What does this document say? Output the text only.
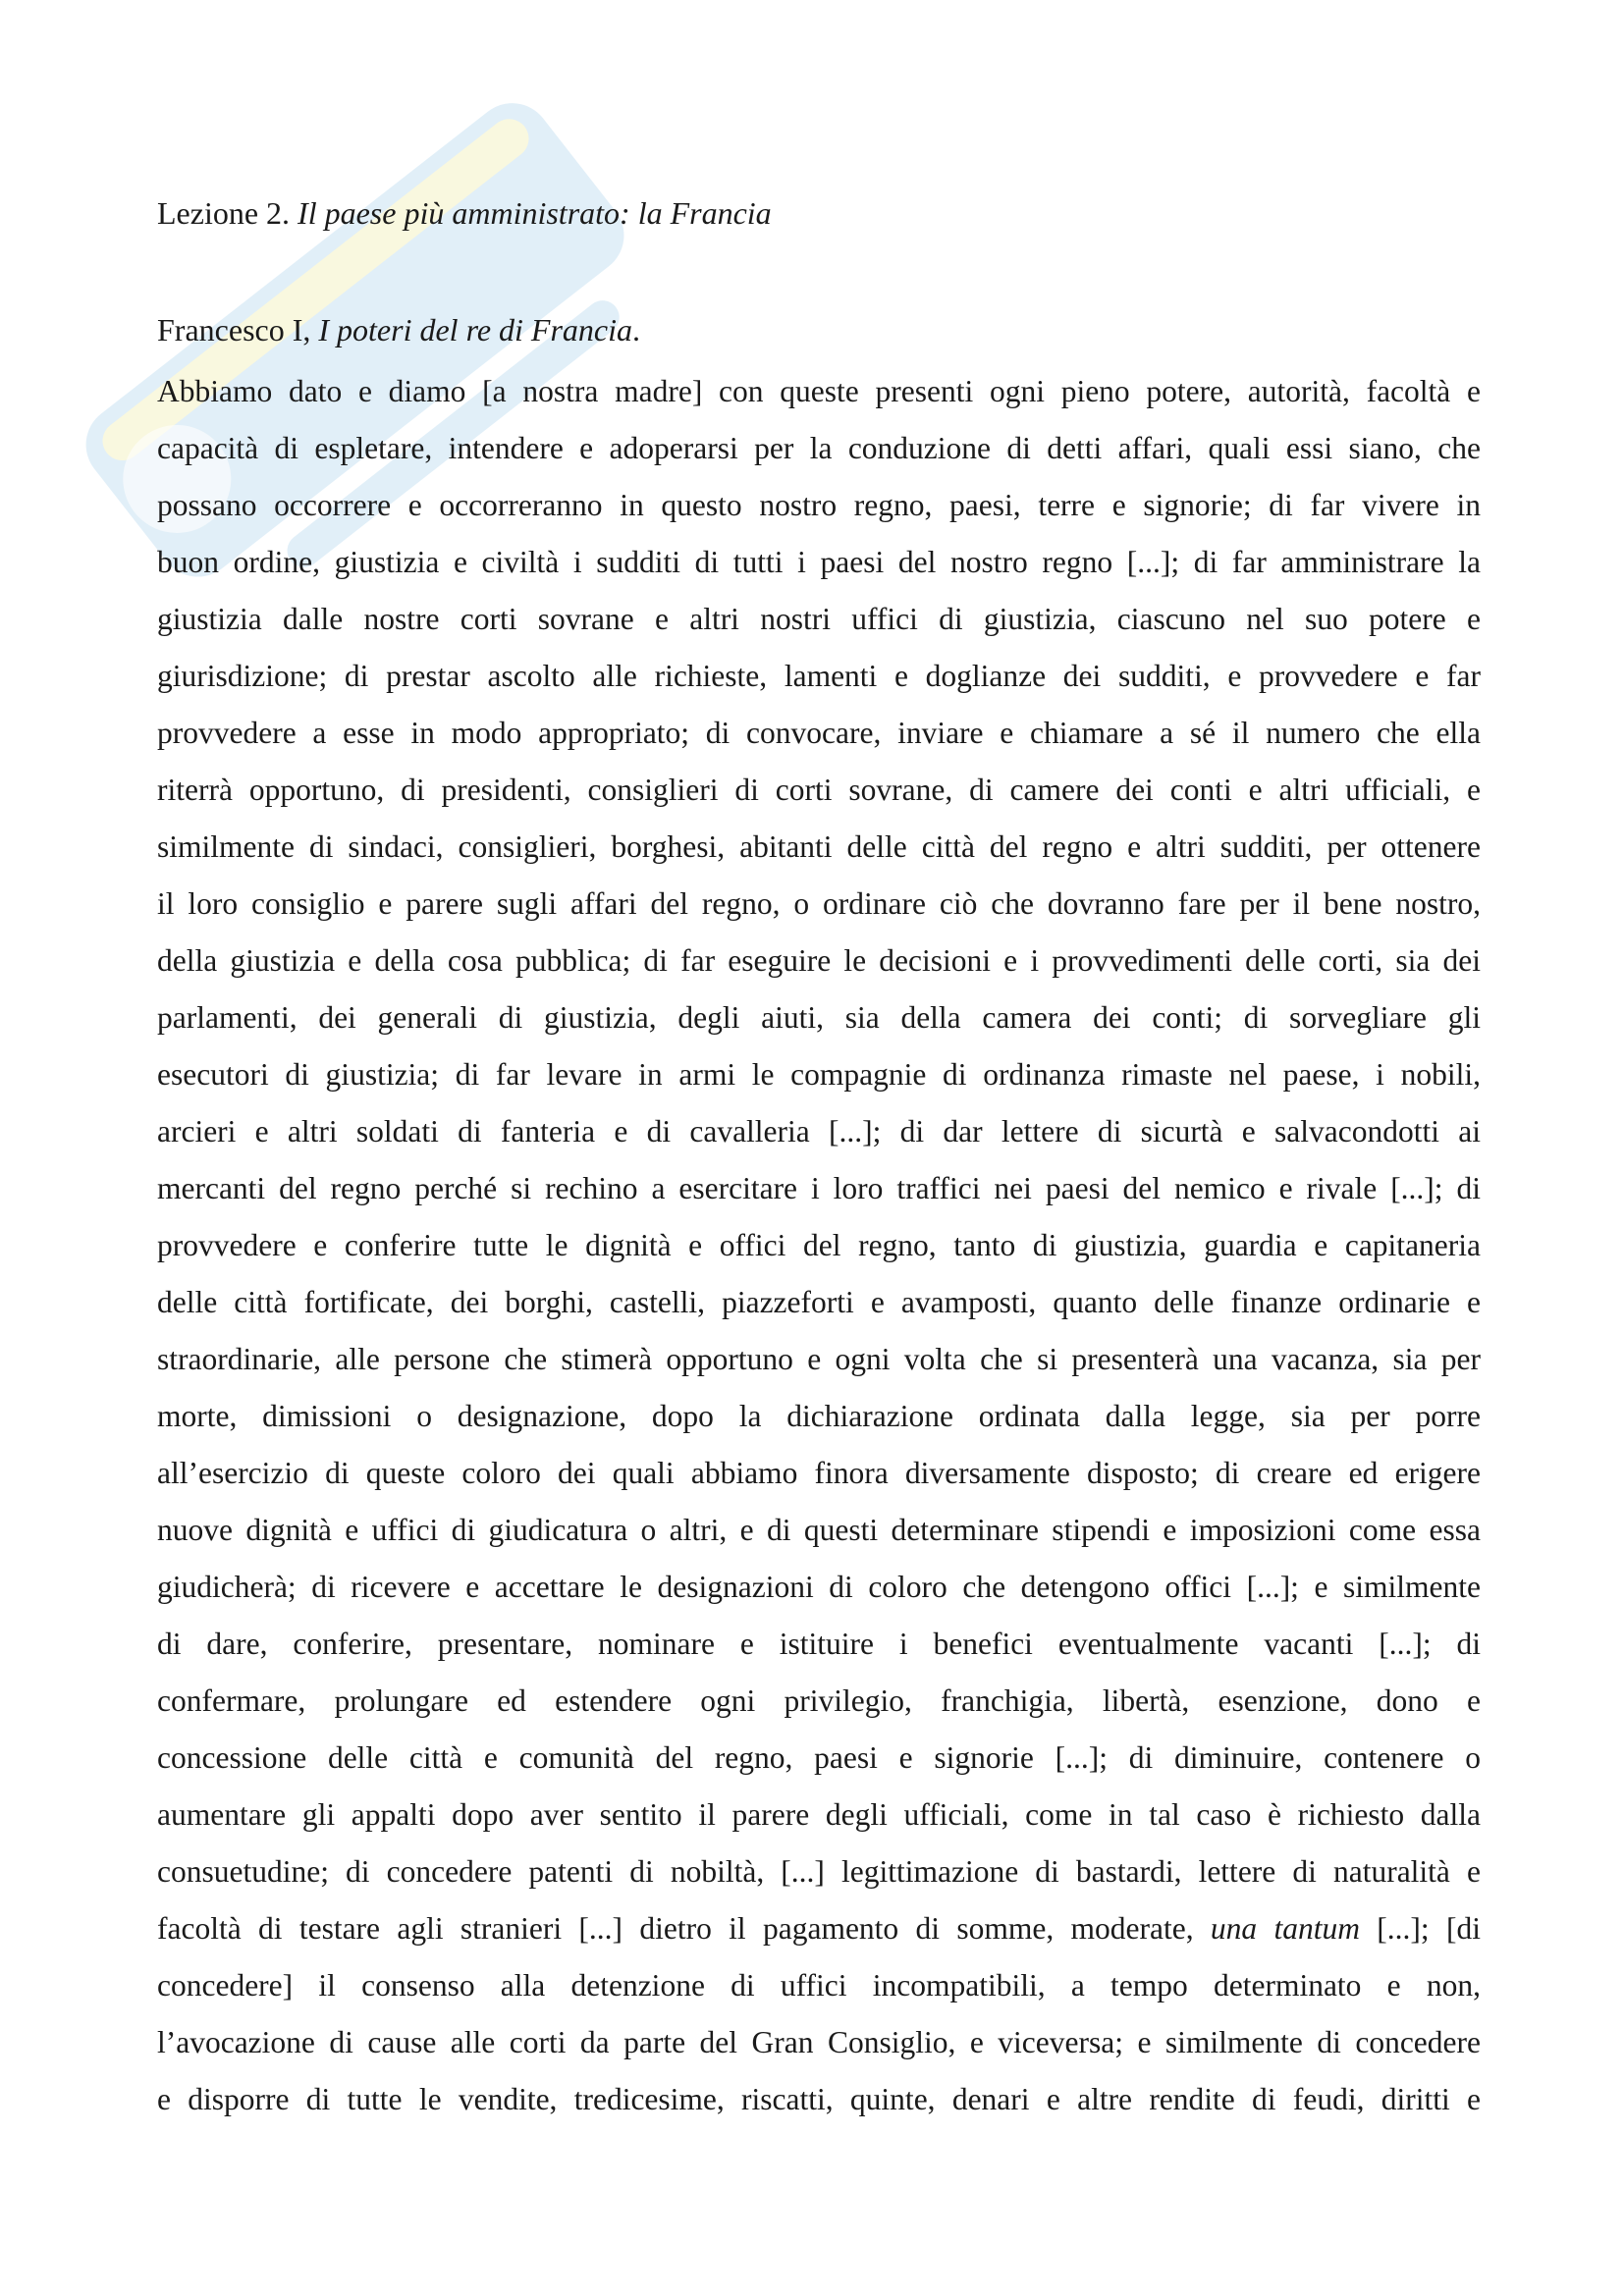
Lezione 2. Il paese più amministrato: la Francia
Francesco I, I poteri del re di Francia.
Abbiamo dato e diamo [a nostra madre] con queste presenti ogni pieno potere, autorità, facoltà e
capacità di espletare, intendere e adoperarsi per la conduzione di detti affari, quali essi siano, che
possano occorrere e occorreranno in questo nostro regno, paesi, terre e signorie; di far vivere in
buon ordine, giustizia e civiltà i sudditi di tutti i paesi del nostro regno [...]; di far amministrare la
giustizia dalle nostre corti sovrane e altri nostri uffici di giustizia, ciascuno nel suo potere e
giurisdizione; di prestar ascolto alle richieste, lamenti e doglianze dei sudditi, e provvedere e far
provvedere a esse in modo appropriato; di convocare, inviare e chiamare a sé il numero che ella
riterrà opportuno, di presidenti, consiglieri di corti sovrane, di camere dei conti e altri ufficiali, e
similmente di sindaci, consiglieri, borghesi, abitanti delle città del regno e altri sudditi, per ottenere
il loro consiglio e parere sugli affari del regno, o ordinare ciò che dovranno fare per il bene nostro,
della giustizia e della cosa pubblica; di far eseguire le decisioni e i provvedimenti delle corti, sia dei
parlamenti, dei generali di giustizia, degli aiuti, sia della camera dei conti; di sorvegliare gli
esecutori di giustizia; di far levare in armi le compagnie di ordinanza rimaste nel paese, i nobili,
arcieri e altri soldati di fanteria e di cavalleria [...]; di dar lettere di sicurtà e salvacondotti ai
mercanti del regno perché si rechino a esercitare i loro traffici nei paesi del nemico e rivale [...]; di
provvedere e conferire tutte le dignità e offici del regno, tanto di giustizia, guardia e capitaneria
delle città fortificate, dei borghi, castelli, piazzeforti e avamposti, quanto delle finanze ordinarie e
straordinarie, alle persone che stimerà opportuno e ogni volta che si presenterà una vacanza, sia per
morte, dimissioni o designazione, dopo la dichiarazione ordinata dalla legge, sia per porre
all’esercizio di queste coloro dei quali abbiamo finora diversamente disposto; di creare ed erigere
nuove dignità e uffici di giudicatura o altri, e di questi determinare stipendi e imposizioni come essa
giudicherà; di ricevere e accettare le designazioni di coloro che detengono offici [...]; e similmente
di dare, conferire, presentare, nominare e istituire i benefici eventualmente vacanti [...]; di
confermare, prolungare ed estendere ogni privilegio, franchigia, libertà, esenzione, dono e
concessione delle città e comunità del regno, paesi e signorie [...]; di diminuire, contenere o
aumentare gli appalti dopo aver sentito il parere degli ufficiali, come in tal caso è richiesto dalla
consuetudine; di concedere patenti di nobiltà, [...] legittimazione di bastardi, lettere di naturalità e
facoltà di testare agli stranieri [...] dietro il pagamento di somme, moderate, una tantum [...]; [di
concedere] il consenso alla detenzione di uffici incompatibili, a tempo determinato e non,
l’avocazione di cause alle corti da parte del Gran Consiglio, e viceversa; e similmente di concedere
e disporre di tutte le vendite, tredicesime, riscatti, quinte, denari e altre rendite di feudi, diritti e
